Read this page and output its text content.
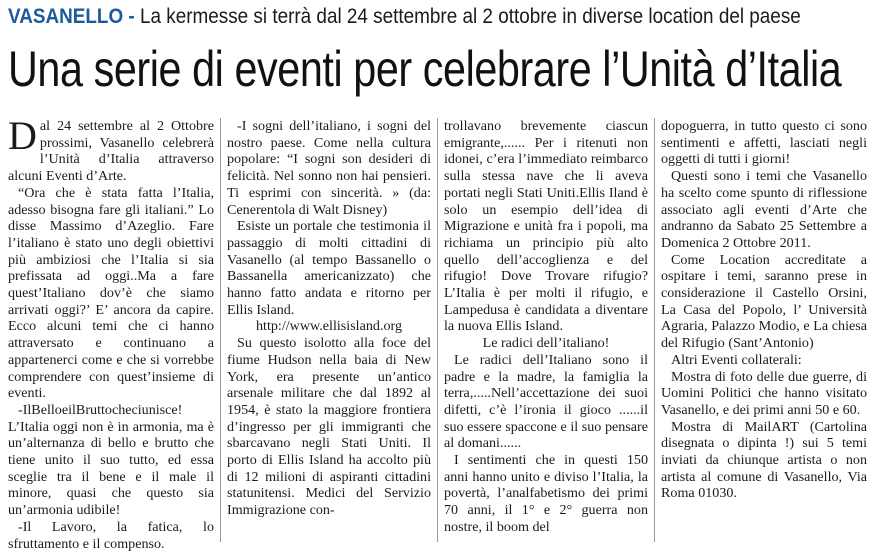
VASANELLO - La kermesse si terrà dal 24 settembre al 2 ottobre in diverse location del paese
Una serie di eventi per celebrare l’Unità d’Italia

Dal 24 settembre al 2 Ottobre prossimi, Vasanello celebrerà l’Unità d’Italia attraverso alcuni Eventi d’Arte.

“Ora che è stata fatta l’Italia, adesso bisogna fare gli italiani.” Lo disse Massimo d’Azeglio. Fare l’italiano è stato uno degli obiettivi più ambiziosi che l’Italia si sia prefissata ad oggi..Ma a fare quest’Italiano dov’è che siamo arrivati oggi?’ E’ ancora da capire. Ecco alcuni temi che ci hanno attraversato e continuano a appartenerci come e che si vorrebbe comprendere con quest’insieme di eventi.

-IlBelloeilBruttocheciunisce! L’Italia oggi non è in armonia, ma è un’alternanza di bello e brutto che tiene unito il suo tutto, ed essa sceglie tra il bene e il male il minore, quasi che questo sia un’armonia udibile!

-Il Lavoro, la fatica, lo sfruttamento e il compenso.

-I sogni dell’italiano, i sogni del nostro paese. Come nella cultura popolare: “I sogni son desideri di felicità. Nel sonno non hai pensieri. Ti esprimi con sincerità. » (da: Cenerentola di Walt Disney)

Esiste un portale che testimonia il passaggio di molti cittadini di Vasanello (al tempo Bassanello o Bassanella americanizzato) che hanno fatto andata e ritorno per Ellis Island.

http://www.ellisisland.org

Su questo isolotto alla foce del fiume Hudson nella baia di New York, era presente un’antico arsenale militare che dal 1892 al 1954, è stato la maggiore frontiera d’ingresso per gli immigranti che sbarcavano negli Stati Uniti. Il porto di Ellis Island ha accolto più di 12 milioni di aspiranti cittadini statunitensi. Medici del Servizio Immigrazione con-

trollavano brevemente ciascun emigrante,...... Per i ritenuti non idonei, c’era l’immediato reimbarco sulla stessa nave che li aveva portati negli Stati Uniti.Ellis Iland è solo un esempio dell’idea di Migrazione e unità fra i popoli, ma richiama un principio più alto quello dell’accoglienza e del rifugio! Dove Trovare rifugio? L’Italia è per molti il rifugio, e Lampedusa è candidata a diventare la nuova Ellis Island.

Le radici dell’italiano!

Le radici dell’Italiano sono il padre e la madre, la famiglia la terra,.....Nell’accettazione dei suoi difetti, c’è l’ironia il gioco ......il suo essere spaccone e il suo pensare al domani......

I sentimenti che in questi 150 anni hanno unito e diviso l’Italia, la povertà, l’analfabetismo dei primi 70 anni, il 1° e 2° guerra non nostre, il boom del

dopoguerra, in tutto questo ci sono sentimenti e affetti, lasciati negli oggetti di tutti i giorni!

Questi sono i temi che Vasanello ha scelto come spunto di riflessione associato agli eventi d’Arte che andranno da Sabato 25 Settembre a Domenica 2 Ottobre 2011.

Come Location accreditate a ospitare i temi, saranno prese in considerazione il Castello Orsini, La Casa del Popolo, l’ Università Agraria, Palazzo Modio, e La chiesa del Rifugio (Sant’Antonio)

Altri Eventi collaterali:

Mostra di foto delle due guerre, di Uomini Politici che hanno visitato Vasanello, e dei primi anni 50 e 60.

Mostra di MailART (Cartolina disegnata o dipinta !) sui 5 temi inviati da chiunque artista o non artista al comune di Vasanello, Via Roma 01030.
